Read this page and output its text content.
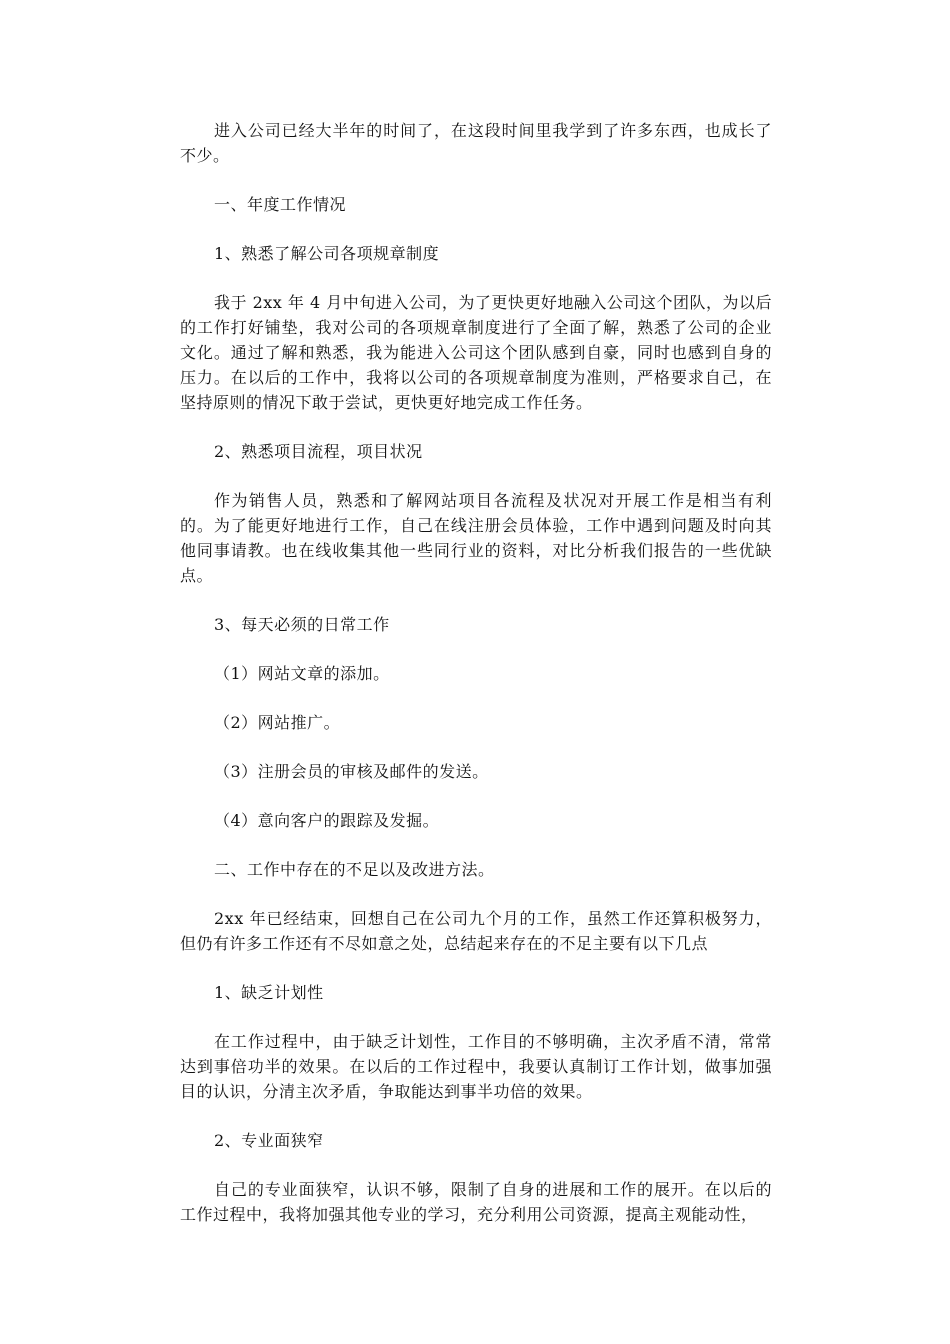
进入公司已经大半年的时间了，在这段时间里我学到了许多东西，也成长了不少。

一、年度工作情况

1、熟悉了解公司各项规章制度

我于 2xx 年 4 月中旬进入公司，为了更快更好地融入公司这个团队，为以后的工作打好铺垫，我对公司的各项规章制度进行了全面了解，熟悉了公司的企业文化。通过了解和熟悉，我为能进入公司这个团队感到自豪，同时也感到自身的压力。在以后的工作中，我将以公司的各项规章制度为准则，严格要求自己，在坚持原则的情况下敢于尝试，更快更好地完成工作任务。

2、熟悉项目流程，项目状况

作为销售人员，熟悉和了解网站项目各流程及状况对开展工作是相当有利的。为了能更好地进行工作，自己在线注册会员体验，工作中遇到问题及时向其他同事请教。也在线收集其他一些同行业的资料，对比分析我们报告的一些优缺点。

3、每天必须的日常工作

（1）网站文章的添加。

（2）网站推广。

（3）注册会员的审核及邮件的发送。

（4）意向客户的跟踪及发掘。

二、工作中存在的不足以及改进方法。

2xx 年已经结束，回想自己在公司九个月的工作，虽然工作还算积极努力，但仍有许多工作还有不尽如意之处，总结起来存在的不足主要有以下几点

1、缺乏计划性

在工作过程中，由于缺乏计划性，工作目的不够明确，主次矛盾不清，常常达到事倍功半的效果。在以后的工作过程中，我要认真制订工作计划，做事加强目的认识，分清主次矛盾，争取能达到事半功倍的效果。

2、专业面狭窄

自己的专业面狭窄，认识不够，限制了自身的进展和工作的展开。在以后的工作过程中，我将加强其他专业的学习，充分利用公司资源，提高主观能动性，
